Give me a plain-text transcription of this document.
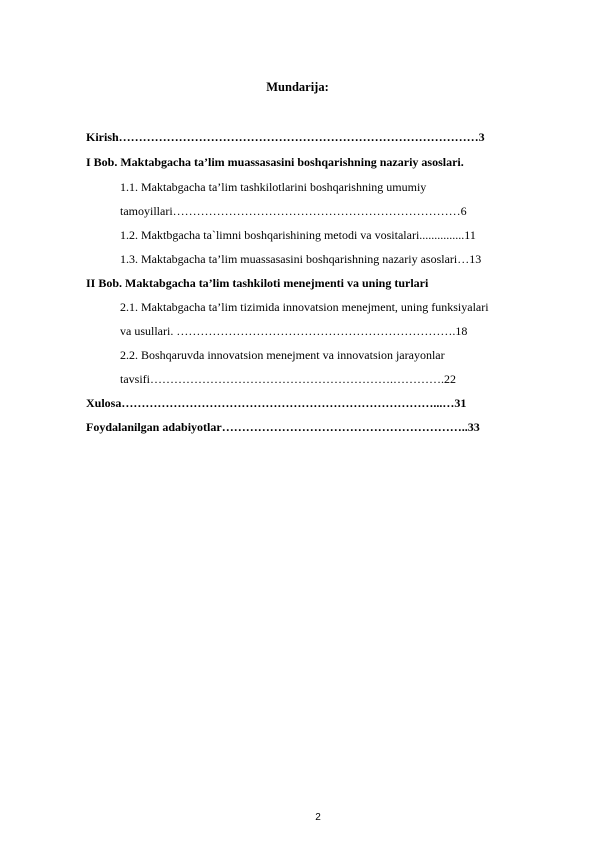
Mundarija:
Kirish………………………………………………………………………………3
I Bob. Maktabgacha ta’lim muassasasini boshqarishning nazariy asoslari.
1.1. Maktabgacha ta’lim tashkilotlarini boshqarishning umumiy
tamoyillari………………………………………………………………6
1.2. Maktbgacha ta`limni boshqarishining metodi va vositalari...............11
1.3. Maktabgacha ta’lim muassasasini boshqarishning nazariy asoslari…13
II Bob. Maktabgacha ta’lim tashkiloti menejmenti va uning turlari
2.1. Maktabgacha ta’lim tizimida innovatsion menejment, uning funksiyalari
va usullari. …………………………………………………………….18
2.2. Boshqaruvda innovatsion menejment va innovatsion jarayonlar
tavsifi…………………………………………………….………….22
Xulosa……………………………………………………………………...…31
Foydalanilgan adabiyotlar……………………………………………………..33
2
